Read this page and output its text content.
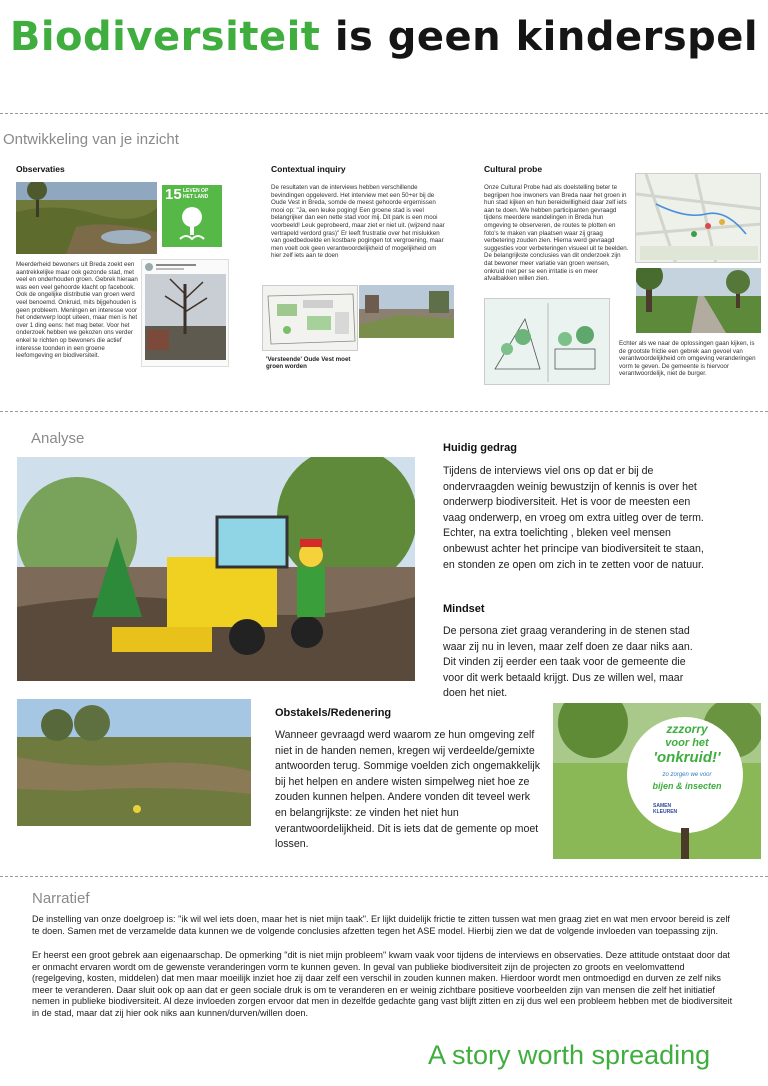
Biodiversiteit is geen kinderspel
Ontwikkeling van je inzicht
Observaties
15 LEVEN OP HET LAND
Meerderheid bewoners uit Breda zoekt een aantrekkelijke maar ook gezonde stad, met veel en onderhouden groen. Gebrek hieraan was een veel gehoorde klacht op facebook. Ook de ongelijke distributie van groen werd veel benoemd. Onkruid, mits bijgehouden is geen probleem. Meningen en interesse voor het onderwerp loopt uiteen, maar men is het over 1 ding eens: het mag beter. Voor het onderzoek hebben we gekozen ons verder enkel te richten op bewoners die actief interesse toonden in een groene leefomgeving en biodiversiteit.
Contextual inquiry
De resultaten van de interviews hebben verschillende bevindingen opgeleverd. Het interview met een 50+er bij de Oude Vest in Breda, somde de meest gehoorde ergernissen mooi op: "Ja, een leuke poging! Een groene stad is veel belangrijker dan een nette stad voor mij. Dit park is een mooi voorbeeld! Leuk geprobeerd, maar ziet er niet uit. (wijzend naar vertrapeld verdord gras)" Er leeft frustratie over het mislukken van goedbedoelde en kostbare pogingen tot vergroening, maar men voelt ook geen verantwoordelijkheid of mogelijkheid om hier zelf iets aan te doen
'Versteende' Oude Vest moet groen worden
Cultural probe
Onze Cultural Probe had als doelstelling beter te begrijpen hoe inwoners van Breda naar het groen in hun stad kijken en hun bereidwilligheid daar zelf iets aan te doen. We hebben participanten gevraagd tijdens meerdere wandelingen in Breda hun omgeving te observeren, de routes te plotten en foto's te maken van plaatsen waar zij graag verbetering zouden zien. Hierna werd gevraagd suggesties voor verbeteringen visueel uit te beelden. De belangrijkste conclusies van dit onderzoek zijn dat bewoner meer variatie van groen wensen, onkruid niet per se een irritatie is en meer afvalbakken willen zien.
Echter als we naar de oplossingen gaan kijken, is de grootste frictie een gebrek aan gevoel van verantwoordelijkheid om omgeving veranderingen vorm te geven. De gemeente is hiervoor verantwoordelijk, niet de burger.
Analyse
Huidig gedrag
Tijdens de interviews viel ons op dat er bij de ondervraagden weinig bewustzijn of kennis is over het onderwerp biodiversiteit. Het is voor de meesten een vaag onderwerp, en vroeg om extra uitleg over de term. Echter, na extra toelichting , bleken veel mensen onbewust achter het principe van biodiversiteit te staan, en stonden ze open om zich in te zetten voor de natuur.
Mindset
De persona ziet graag verandering in de stenen stad waar zij nu in leven, maar zelf doen ze daar niks aan. Dit vinden zij eerder een taak voor de gemeente die voor dit werk betaald krijgt. Dus ze willen wel, maar doen het niet.
Obstakels/Redenering
Wanneer gevraagd werd waarom ze hun omgeving zelf niet in de handen nemen, kregen wij verdeelde/gemixte antwoorden terug. Sommige voelden zich ongemakkelijk bij het helpen en andere wisten simpelweg niet hoe ze zouden kunnen helpen. Andere vonden dit teveel werk en belangrijkste: ze vinden het niet hun verantwoordelijkheid. Dit is iets dat de gemente op moet lossen.
zzzorry
voor het
'onkruid!'
zo zorgen we voor
bijen & insecten
SAMEN KLEUREN
Narratief
De instelling van onze doelgroep is: "ik wil wel iets doen, maar het is niet mijn taak". Er lijkt duidelijk frictie te zitten tussen wat men graag ziet en wat men ervoor bereid is zelf te doen. Samen met de verzamelde data kunnen we de volgende conclusies afzetten tegen het ASE model. Hierbij zien we dat de volgende invloeden van toepassing zijn.
Er heerst een groot gebrek aan eigenaarschap. De opmerking "dit is niet mijn probleem" kwam vaak voor tijdens de interviews en observaties. Deze attitude ontstaat door dat er onmacht ervaren wordt om de gewenste veranderingen vorm te kunnen geven. In geval van publieke biodiversiteit zijn de projecten zo groots en veelomvattend (regelgeving, kosten, middelen) dat men maar moeilijk inziet hoe zij daar zelf een verschil in zouden kunnen maken. Hierdoor wordt men ontmoedigd en durven ze zelf niks meer te veranderen. Daar sluit ook op aan dat er geen sociale druk is om te veranderen en er weinig zichtbare positieve voorbeelden zijn van mensen die zelf het initiatief nemen in publieke biodiversiteit. Al deze invloeden zorgen ervoor dat men in dezelfde gedachte gang vast blijft zitten en zij dus wel een probleem hebben met de biodiversiteit in de stad, maar dat zij hier ook niks aan kunnen/durven/willen doen.
A story worth spreading
